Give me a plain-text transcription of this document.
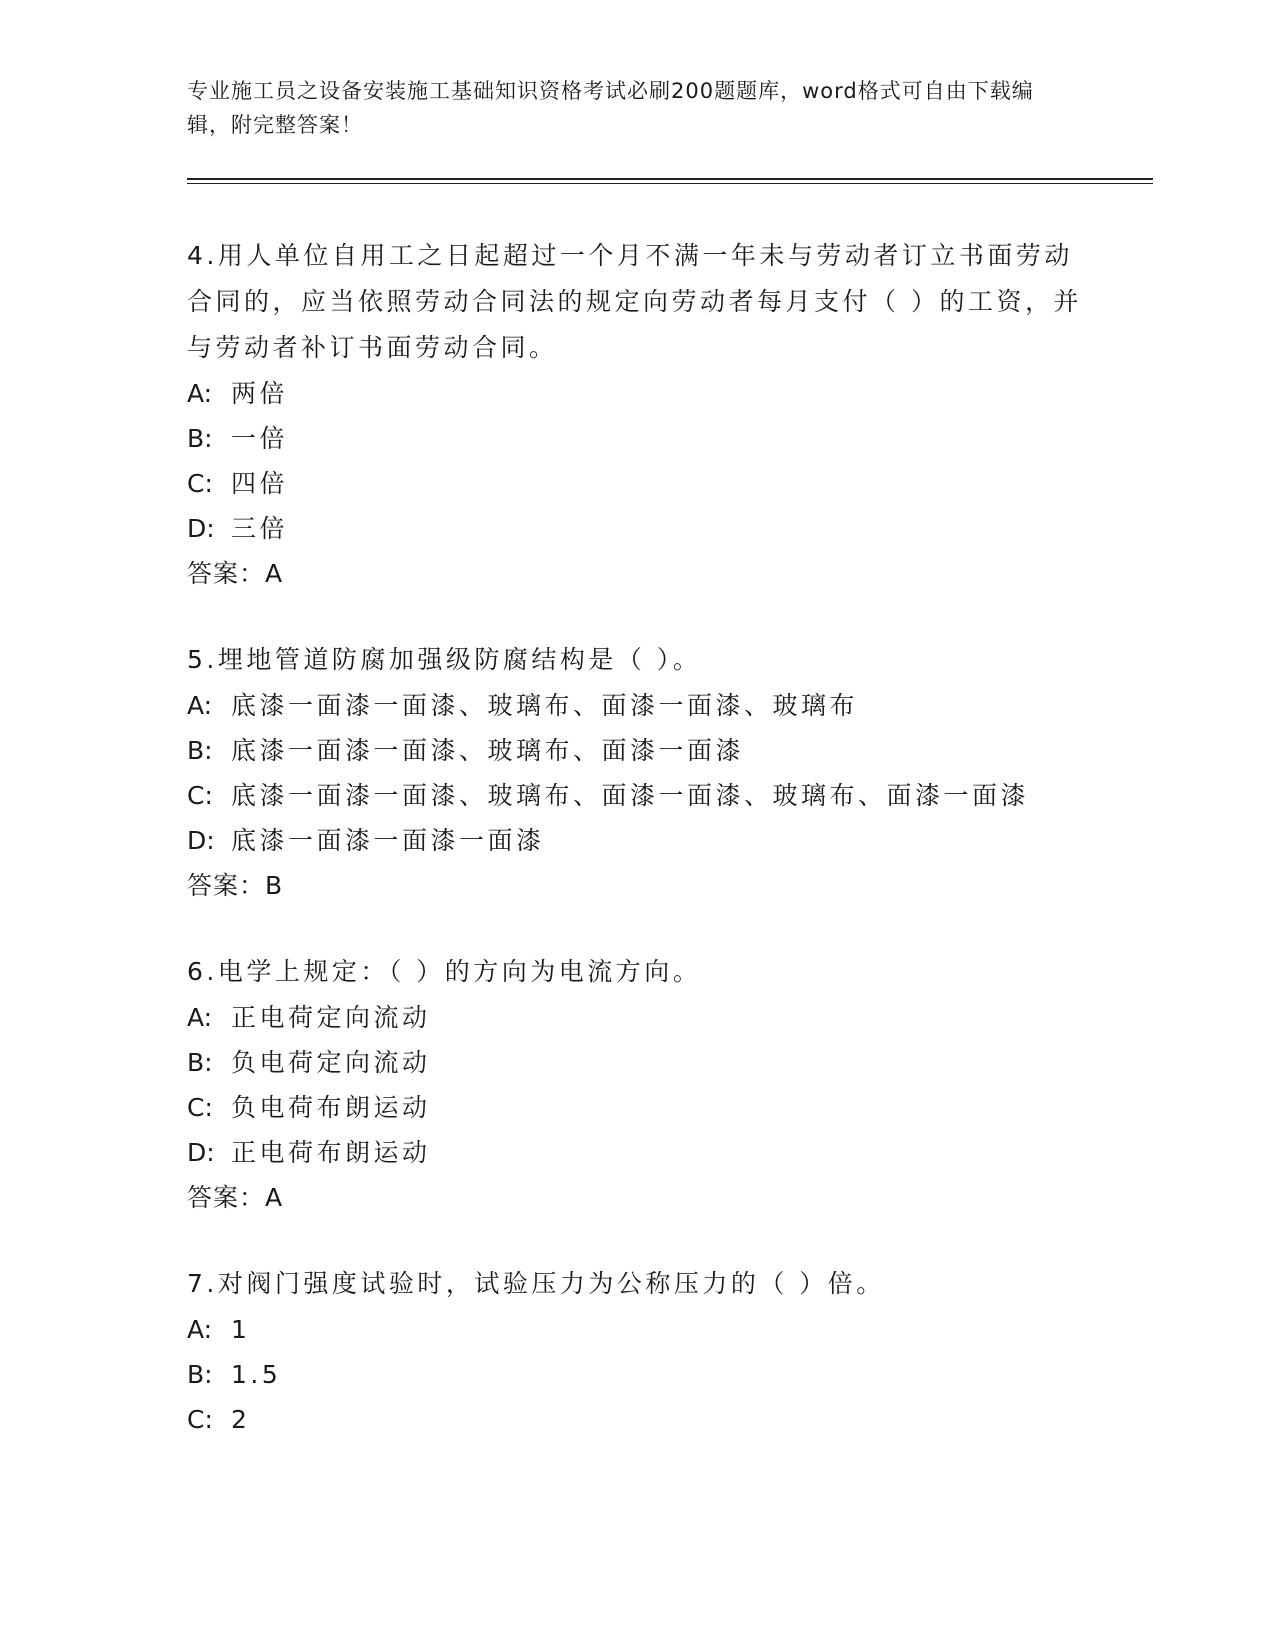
专业施工员之设备安装施工基础知识资格考试必刷200题题库，word格式可自由下载编辑，附完整答案！

4.用人单位自用工之日起超过一个月不满一年未与劳动者订立书面劳动合同的，应当依照劳动合同法的规定向劳动者每月支付（ ）的工资，并与劳动者补订书面劳动合同。

A: 两倍
B: 一倍
C: 四倍
D: 三倍
答案：A

5.埋地管道防腐加强级防腐结构是（ ）。

A: 底漆一面漆一面漆、玻璃布、面漆一面漆、玻璃布
B: 底漆一面漆一面漆、玻璃布、面漆一面漆
C: 底漆一面漆一面漆、玻璃布、面漆一面漆、玻璃布、面漆一面漆
D: 底漆一面漆一面漆一面漆
答案：B

6.电学上规定：（ ）的方向为电流方向。

A: 正电荷定向流动
B: 负电荷定向流动
C: 负电荷布朗运动
D: 正电荷布朗运动
答案：A

7.对阀门强度试验时，试验压力为公称压力的（ ）倍。

A: 1
B: 1.5
C: 2
